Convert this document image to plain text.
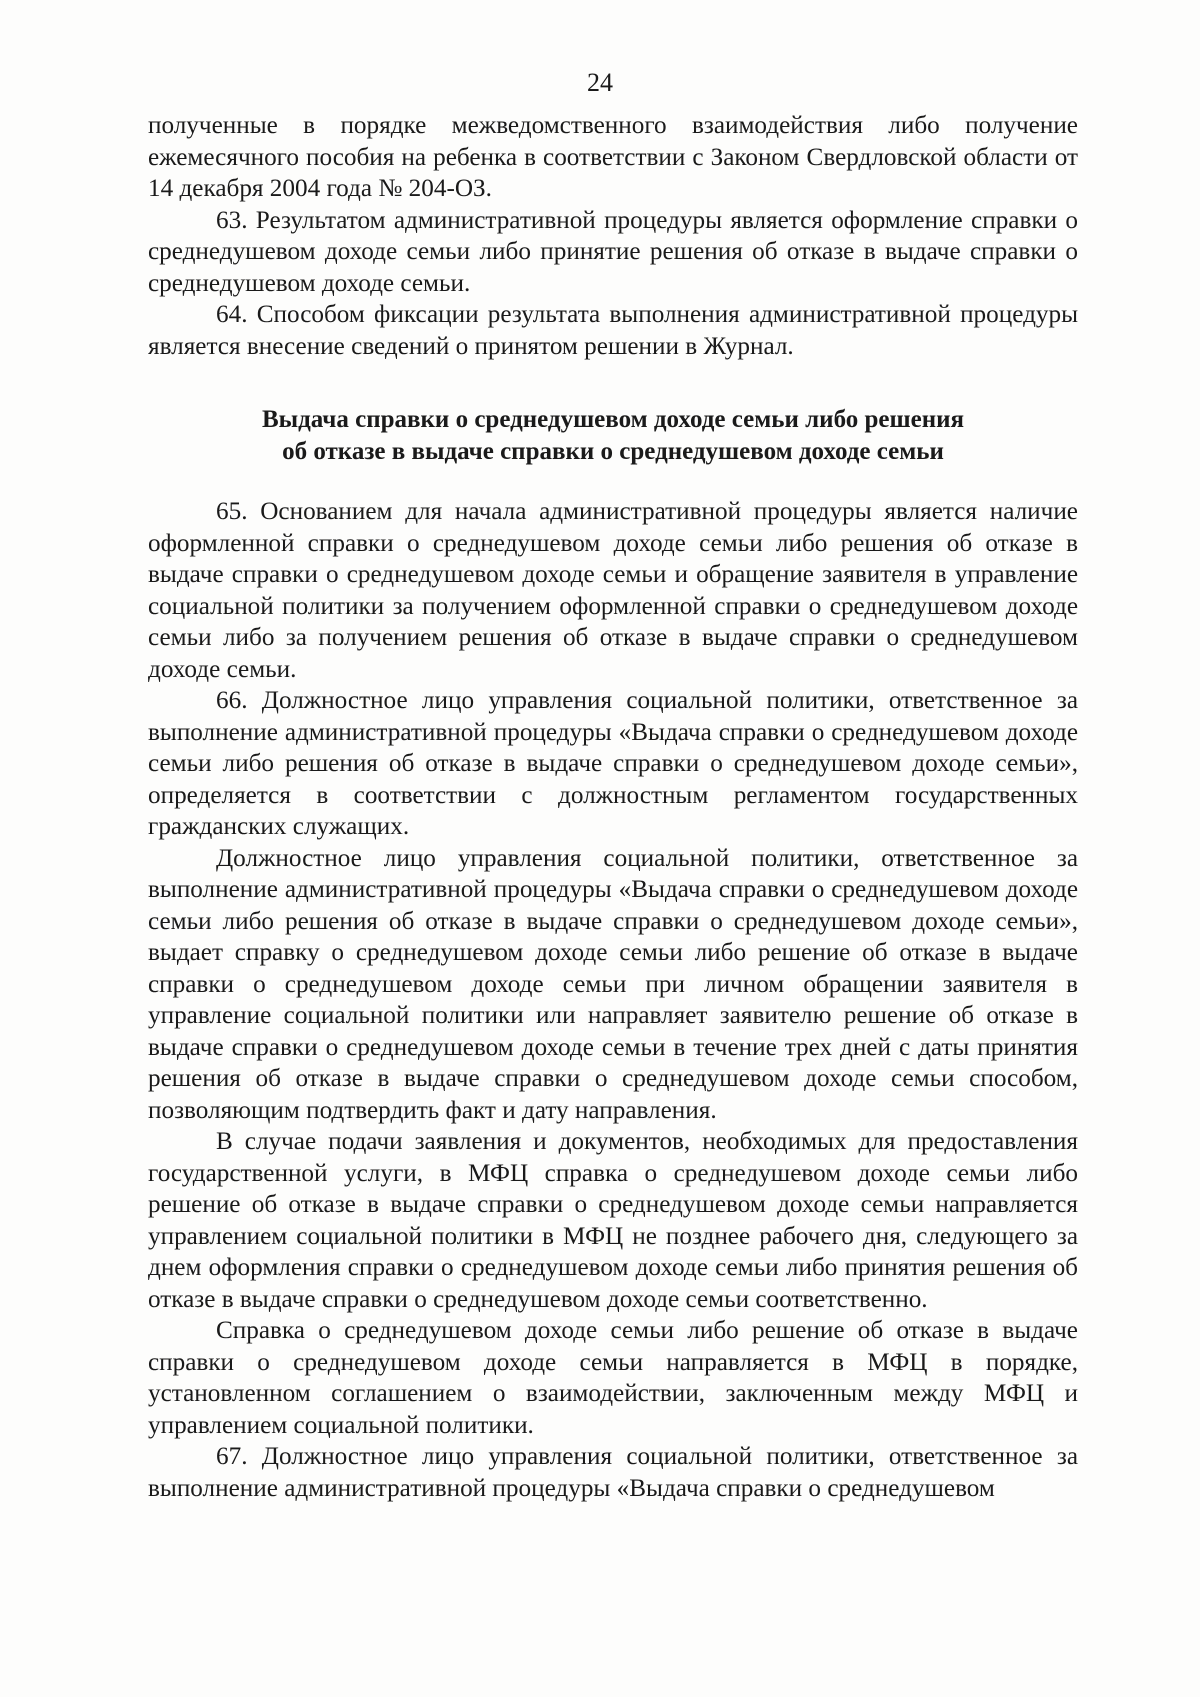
24

полученные в порядке межведомственного взаимодействия либо получение ежемесячного пособия на ребенка в соответствии с Законом Свердловской области от 14 декабря 2004 года № 204-ОЗ.

63. Результатом административной процедуры является оформление справки о среднедушевом доходе семьи либо принятие решения об отказе в выдаче справки о среднедушевом доходе семьи.

64. Способом фиксации результата выполнения административной процедуры является внесение сведений о принятом решении в Журнал.

Выдача справки о среднедушевом доходе семьи либо решения
об отказе в выдаче справки о среднедушевом доходе семьи

65. Основанием для начала административной процедуры является наличие оформленной справки о среднедушевом доходе семьи либо решения об отказе в выдаче справки о среднедушевом доходе семьи и обращение заявителя в управление социальной политики за получением оформленной справки о среднедушевом доходе семьи либо за получением решения об отказе в выдаче справки о среднедушевом доходе семьи.

66. Должностное лицо управления социальной политики, ответственное за выполнение административной процедуры «Выдача справки о среднедушевом доходе семьи либо решения об отказе в выдаче справки о среднедушевом доходе семьи», определяется в соответствии с должностным регламентом государственных гражданских служащих.

Должностное лицо управления социальной политики, ответственное за выполнение административной процедуры «Выдача справки о среднедушевом доходе семьи либо решения об отказе в выдаче справки о среднедушевом доходе семьи», выдает справку о среднедушевом доходе семьи либо решение об отказе в выдаче справки о среднедушевом доходе семьи при личном обращении заявителя в управление социальной политики или направляет заявителю решение об отказе в выдаче справки о среднедушевом доходе семьи в течение трех дней с даты принятия решения об отказе в выдаче справки о среднедушевом доходе семьи способом, позволяющим подтвердить факт и дату направления.

В случае подачи заявления и документов, необходимых для предоставления государственной услуги, в МФЦ справка о среднедушевом доходе семьи либо решение об отказе в выдаче справки о среднедушевом доходе семьи направляется управлением социальной политики в МФЦ не позднее рабочего дня, следующего за днем оформления справки о среднедушевом доходе семьи либо принятия решения об отказе в выдаче справки о среднедушевом доходе семьи соответственно.

Справка о среднедушевом доходе семьи либо решение об отказе в выдаче справки о среднедушевом доходе семьи направляется в МФЦ в порядке, установленном соглашением о взаимодействии, заключенным между МФЦ и управлением социальной политики.

67. Должностное лицо управления социальной политики, ответственное за выполнение административной процедуры «Выдача справки о среднедушевом
